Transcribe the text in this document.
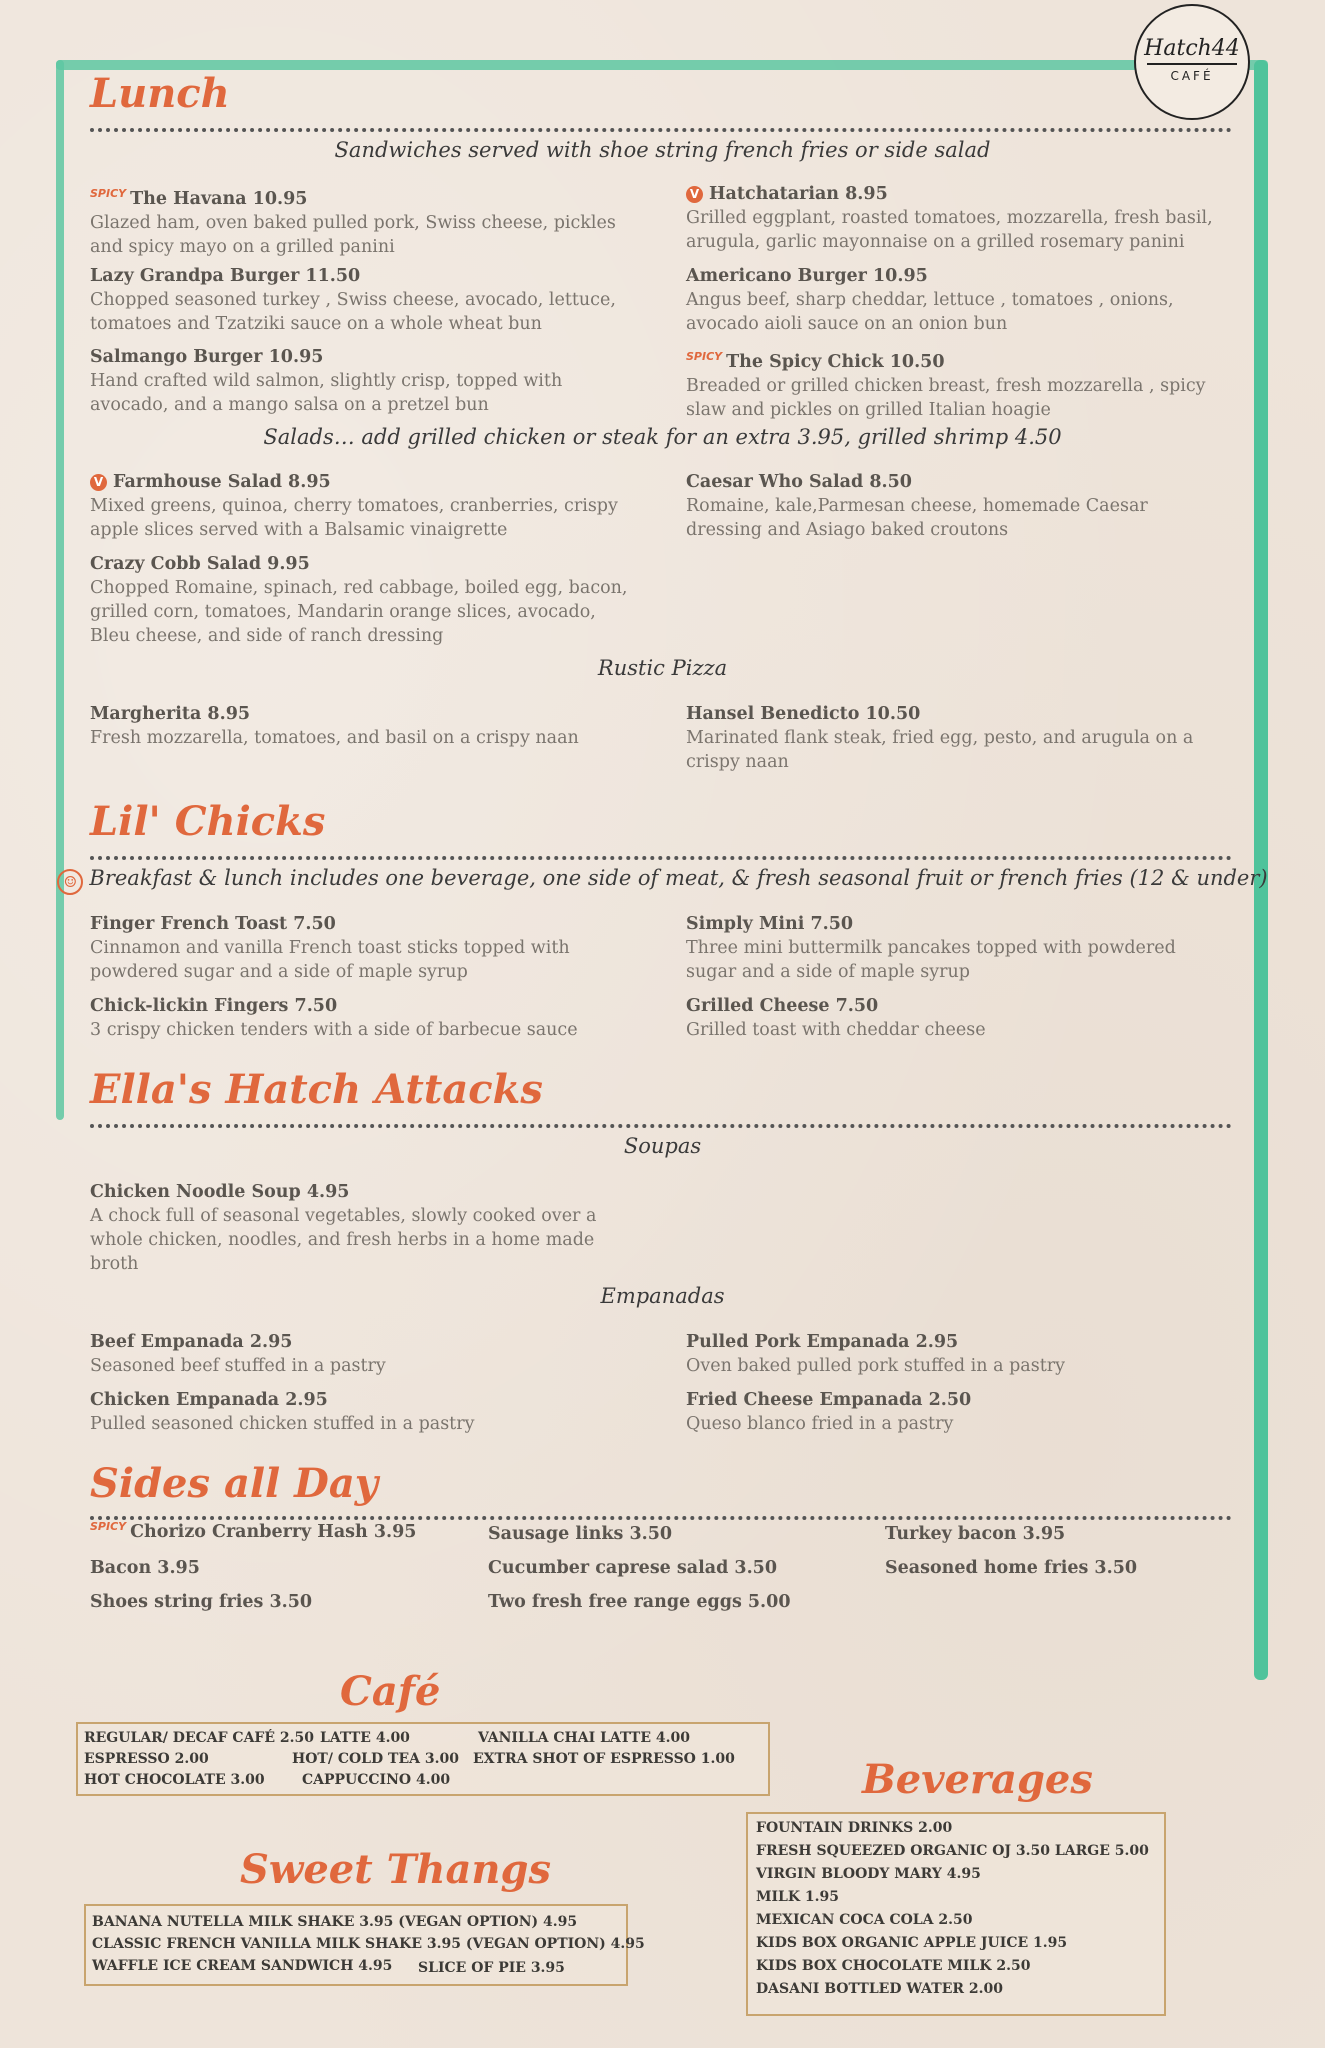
Hatch44
CAFÉ
Lunch
Sandwiches served with shoe string french fries or side salad
$^{SPICY}$ The Havana 10.95
Glazed ham, oven baked pulled pork, Swiss cheese, pickles and spicy mayo on a grilled panini
V Hatchatarian 8.95
Grilled eggplant, roasted tomatoes, mozzarella, fresh basil, arugula, garlic mayonnaise on a grilled rosemary panini
Lazy Grandpa Burger 11.50
Chopped seasoned turkey , Swiss cheese, avocado, lettuce, tomatoes and Tzatziki sauce on a whole wheat bun
Americano Burger 10.95
Angus beef, sharp cheddar, lettuce , tomatoes , onions, avocado aioli sauce on an onion bun
Salmango Burger 10.95
Hand crafted wild salmon, slightly crisp, topped with avocado, and a mango salsa on a pretzel bun
$^{SPICY}$ The Spicy Chick 10.50
Breaded or grilled chicken breast, fresh mozzarella , spicy slaw and pickles on grilled Italian hoagie
Salads… add grilled chicken or steak for an extra 3.95, grilled shrimp 4.50
V Farmhouse Salad 8.95
Mixed greens, quinoa, cherry tomatoes, cranberries, crispy apple slices served with a Balsamic vinaigrette
Caesar Who Salad 8.50
Romaine, kale,Parmesan cheese, homemade Caesar dressing and Asiago baked croutons
Crazy Cobb Salad 9.95
Chopped Romaine, spinach, red cabbage, boiled egg, bacon, grilled corn, tomatoes, Mandarin orange slices, avocado, Bleu cheese, and side of ranch dressing
Rustic Pizza
Margherita 8.95
Fresh mozzarella, tomatoes, and basil on a crispy naan
Hansel Benedicto 10.50
Marinated flank steak, fried egg, pesto, and arugula on a crispy naan
Lil' Chicks
☺ Breakfast & lunch includes one beverage, one side of meat, & fresh seasonal fruit or french fries (12 & under)
Finger French Toast 7.50
Cinnamon and vanilla French toast sticks topped with powdered sugar and a side of maple syrup
Simply Mini 7.50
Three mini buttermilk pancakes topped with powdered sugar and a side of maple syrup
Chick-lickin Fingers 7.50
3 crispy chicken tenders with a side of barbecue sauce
Grilled Cheese 7.50
Grilled toast with cheddar cheese
Ella's Hatch Attacks
Soupas
Chicken Noodle Soup 4.95
A chock full of seasonal vegetables, slowly cooked over a whole chicken, noodles, and fresh herbs in a home made broth
Empanadas
Beef Empanada 2.95
Seasoned beef stuffed in a pastry
Pulled Pork Empanada 2.95
Oven baked pulled pork stuffed in a pastry
Chicken Empanada 2.95
Pulled seasoned chicken stuffed in a pastry
Fried Cheese Empanada 2.50
Queso blanco fried in a pastry
Sides all Day
$^{SPICY}$ Chorizo Cranberry Hash 3.95	Sausage links 3.50	Turkey bacon 3.95
Bacon 3.95	Cucumber caprese salad 3.50	Seasoned home fries 3.50
Shoes string fries 3.50	Two fresh free range eggs 5.00
Café
REGULAR/ DECAF CAFÉ 2.50 LATTE 4.00	VANILLA CHAI LATTE 4.00
ESPRESSO 2.00	HOT/ COLD TEA 3.00 EXTRA SHOT OF ESPRESSO 1.00
HOT CHOCOLATE 3.00	CAPPUCCINO 4.00	Beverages
FOUNTAIN DRINKS 2.00
FRESH SQUEEZED ORGANIC OJ 3.50 LARGE 5.00
VIRGIN BLOODY MARY 4.95
MILK 1.95
MEXICAN COCA COLA 2.50
KIDS BOX ORGANIC APPLE JUICE 1.95
KIDS BOX CHOCOLATE MILK 2.50
DASANI BOTTLED WATER 2.00
Sweet Thangs
BANANA NUTELLA MILK SHAKE 3.95 (VEGAN OPTION) 4.95
CLASSIC FRENCH VANILLA MILK SHAKE 3.95 (VEGAN OPTION) 4.95
WAFFLE ICE CREAM SANDWICH 4.95 SLICE OF PIE 3.95
